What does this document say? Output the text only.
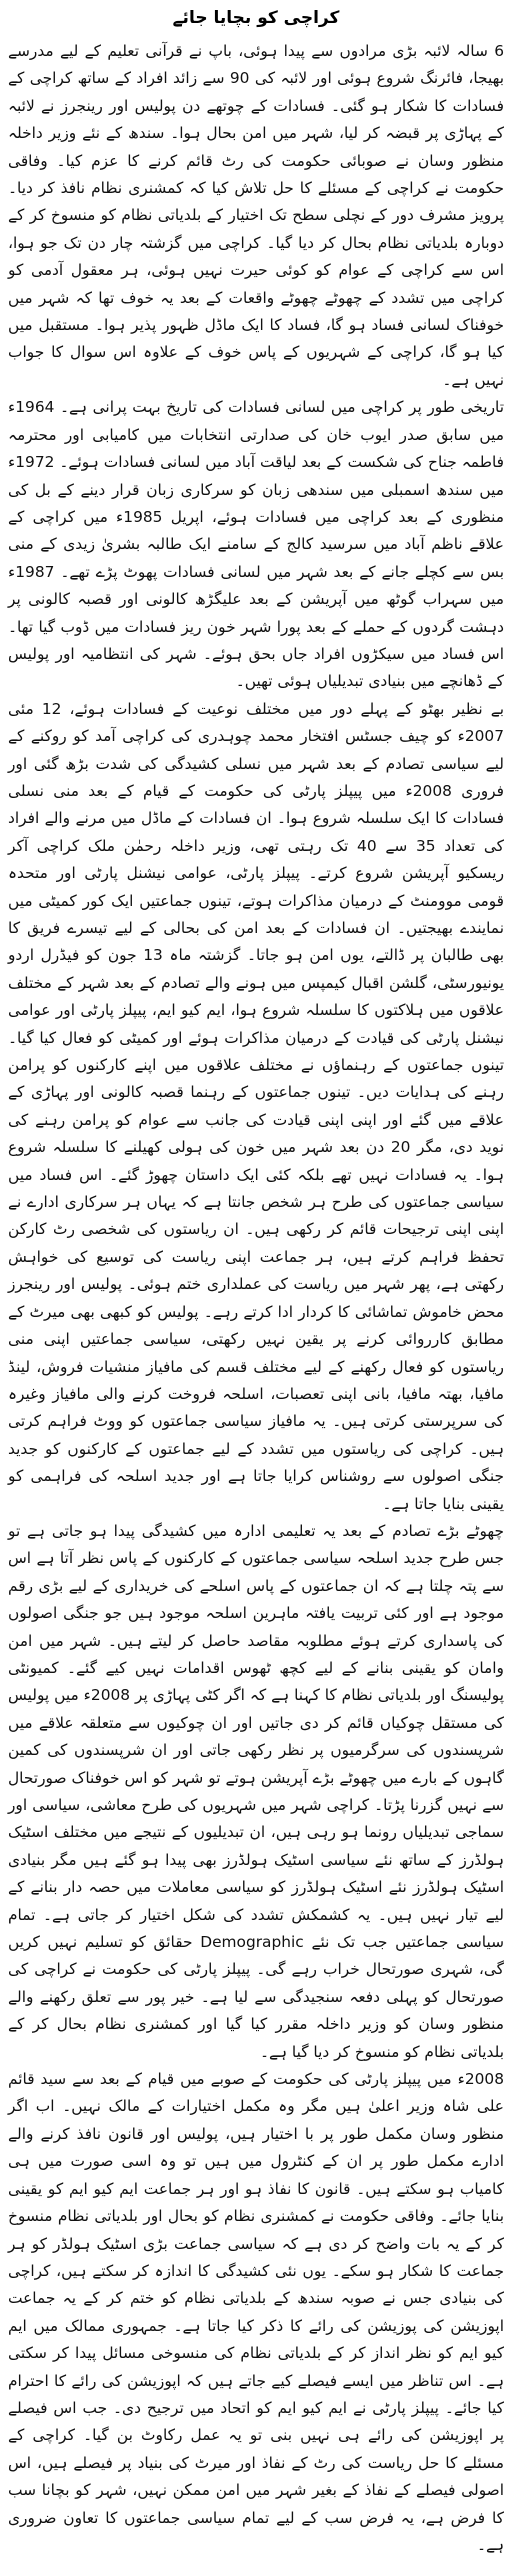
کراچی کو بچایا جائے

6 سالہ لائبہ بڑی مرادوں سے پیدا ہوئی، باپ نے قرآنی تعلیم کے لیے مدرسے بھیجا، فائرنگ شروع ہوئی اور لائبہ کی 90 سے زائد افراد کے ساتھ کراچی کے فسادات کا شکار ہو گئی۔ فسادات کے چوتھے دن پولیس اور رینجرز نے لائبہ کے پہاڑی پر قبضہ کر لیا، شہر میں امن بحال ہوا۔ سندھ کے نئے وزیر داخلہ منظور وسان نے صوبائی حکومت کی رٹ قائم کرنے کا عزم کیا۔ وفاقی حکومت نے کراچی کے مسئلے کا حل تلاش کیا کہ کمشنری نظام نافذ کر دیا۔ پرویز مشرف دور کے نچلی سطح تک اختیار کے بلدیاتی نظام کو منسوخ کر کے دوبارہ بلدیاتی نظام بحال کر دیا گیا۔ کراچی میں گزشتہ چار دن تک جو ہوا، اس سے کراچی کے عوام کو کوئی حیرت نہیں ہوئی، ہر معقول آدمی کو کراچی میں تشدد کے چھوٹے چھوٹے واقعات کے بعد یہ خوف تھا کہ شہر میں خوفناک لسانی فساد ہو گا، فساد کا ایک ماڈل ظہور پذیر ہوا۔ مستقبل میں کیا ہو گا، کراچی کے شہریوں کے پاس خوف کے علاوہ اس سوال کا جواب نہیں ہے۔

تاریخی طور پر کراچی میں لسانی فسادات کی تاریخ بہت پرانی ہے۔ 1964ء میں سابق صدر ایوب خان کی صدارتی انتخابات میں کامیابی اور محترمہ فاطمہ جناح کی شکست کے بعد لیاقت آباد میں لسانی فسادات ہوئے۔ 1972ء میں سندھ اسمبلی میں سندھی زبان کو سرکاری زبان قرار دینے کے بل کی منظوری کے بعد کراچی میں فسادات ہوئے، اپریل 1985ء میں کراچی کے علاقے ناظم آباد میں سرسید کالج کے سامنے ایک طالبہ بشریٰ زیدی کے منی بس سے کچلے جانے کے بعد شہر میں لسانی فسادات پھوٹ پڑے تھے۔ 1987ء میں سہراب گوٹھ میں آپریشن کے بعد علیگڑھ کالونی اور قصبہ کالونی پر دہشت گردوں کے حملے کے بعد پورا شہر خون ریز فسادات میں ڈوب گیا تھا۔ اس فساد میں سیکڑوں افراد جاں بحق ہوئے۔ شہر کی انتظامیہ اور پولیس کے ڈھانچے میں بنیادی تبدیلیاں ہوئی تھیں۔

بے نظیر بھٹو کے پہلے دور میں مختلف نوعیت کے فسادات ہوئے، 12 مئی 2007ء کو چیف جسٹس افتخار محمد چوہدری کی کراچی آمد کو روکنے کے لیے سیاسی تصادم کے بعد شہر میں نسلی کشیدگی کی شدت بڑھ گئی اور فروری 2008ء میں پیپلز پارٹی کی حکومت کے قیام کے بعد منی نسلی فسادات کا ایک سلسلہ شروع ہوا۔ ان فسادات کے ماڈل میں مرنے والے افراد کی تعداد 35 سے 40 تک رہتی تھی، وزیر داخلہ رحمٰن ملک کراچی آکر ریسکیو آپریشن شروع کرتے۔ پیپلز پارٹی، عوامی نیشنل پارٹی اور متحدہ قومی موومنٹ کے درمیان مذاکرات ہوتے، تینوں جماعتیں ایک کور کمیٹی میں نمایندے بھیجتیں۔ ان فسادات کے بعد امن کی بحالی کے لیے تیسرے فریق کا بھی طالبان پر ڈالتے، یوں امن ہو جاتا۔ گزشتہ ماہ 13 جون کو فیڈرل اردو یونیورسٹی، گلشن اقبال کیمپس میں ہونے والے تصادم کے بعد شہر کے مختلف علاقوں میں ہلاکتوں کا سلسلہ شروع ہوا، ایم کیو ایم، پیپلز پارٹی اور عوامی نیشنل پارٹی کی قیادت کے درمیان مذاکرات ہوئے اور کمیٹی کو فعال کیا گیا۔ تینوں جماعتوں کے رہنماؤں نے مختلف علاقوں میں اپنے کارکنوں کو پرامن رہنے کی ہدایات دیں۔ تینوں جماعتوں کے رہنما قصبہ کالونی اور پہاڑی کے علاقے میں گئے اور اپنی اپنی قیادت کی جانب سے عوام کو پرامن رہنے کی نوید دی، مگر 20 دن بعد شہر میں خون کی ہولی کھیلنے کا سلسلہ شروع ہوا۔ یہ فسادات نہیں تھے بلکہ کئی ایک داستان چھوڑ گئے۔ اس فساد میں سیاسی جماعتوں کی طرح ہر شخص جانتا ہے کہ یہاں ہر سرکاری ادارے نے اپنی اپنی ترجیحات قائم کر رکھی ہیں۔ ان ریاستوں کی شخصی رٹ کارکن تحفظ فراہم کرتے ہیں، ہر جماعت اپنی ریاست کی توسیع کی خواہش رکھتی ہے، پھر شہر میں ریاست کی عملداری ختم ہوئی۔ پولیس اور رینجرز محض خاموش تماشائی کا کردار ادا کرتے رہے۔ پولیس کو کبھی بھی میرٹ کے مطابق کارروائی کرنے پر یقین نہیں رکھتی، سیاسی جماعتیں اپنی منی ریاستوں کو فعال رکھنے کے لیے مختلف قسم کی مافیاز منشیات فروش، لینڈ مافیا، بھتہ مافیا، بانی اپنی تعصبات، اسلحہ فروخت کرنے والی مافیاز وغیرہ کی سرپرستی کرتی ہیں۔ یہ مافیاز سیاسی جماعتوں کو ووٹ فراہم کرتی ہیں۔ کراچی کی ریاستوں میں تشدد کے لیے جماعتوں کے کارکنوں کو جدید جنگی اصولوں سے روشناس کرایا جاتا ہے اور جدید اسلحہ کی فراہمی کو یقینی بنایا جاتا ہے۔

چھوٹے بڑے تصادم کے بعد یہ تعلیمی ادارہ میں کشیدگی پیدا ہو جاتی ہے تو جس طرح جدید اسلحہ سیاسی جماعتوں کے کارکنوں کے پاس نظر آتا ہے اس سے پتہ چلتا ہے کہ ان جماعتوں کے پاس اسلحے کی خریداری کے لیے بڑی رقم موجود ہے اور کئی تربیت یافتہ ماہرین اسلحہ موجود ہیں جو جنگی اصولوں کی پاسداری کرتے ہوئے مطلوبہ مقاصد حاصل کر لیتے ہیں۔ شہر میں امن وامان کو یقینی بنانے کے لیے کچھ ٹھوس اقدامات نہیں کیے گئے۔ کمیونٹی پولیسنگ اور بلدیاتی نظام کا کہنا ہے کہ اگر کٹی پہاڑی پر 2008ء میں پولیس کی مستقل چوکیاں قائم کر دی جاتیں اور ان چوکیوں سے متعلقہ علاقے میں شرپسندوں کی سرگرمیوں پر نظر رکھی جاتی اور ان شرپسندوں کی کمین گاہوں کے بارے میں چھوٹے بڑے آپریشن ہوتے تو شہر کو اس خوفناک صورتحال سے نہیں گزرنا پڑتا۔ کراچی شہر میں شہریوں کی طرح معاشی، سیاسی اور سماجی تبدیلیاں رونما ہو رہی ہیں، ان تبدیلیوں کے نتیجے میں مختلف اسٹیک ہولڈرز کے ساتھ نئے سیاسی اسٹیک ہولڈرز بھی پیدا ہو گئے ہیں مگر بنیادی اسٹیک ہولڈرز نئے اسٹیک ہولڈرز کو سیاسی معاملات میں حصہ دار بنانے کے لیے تیار نہیں ہیں۔ یہ کشمکش تشدد کی شکل اختیار کر جاتی ہے۔ تمام سیاسی جماعتیں جب تک نئے Demographic حقائق کو تسلیم نہیں کریں گی، شہری صورتحال خراب رہے گی۔ پیپلز پارٹی کی حکومت نے کراچی کی صورتحال کو پہلی دفعہ سنجیدگی سے لیا ہے۔ خیر پور سے تعلق رکھنے والے منظور وسان کو وزیر داخلہ مقرر کیا گیا اور کمشنری نظام بحال کر کے بلدیاتی نظام کو منسوخ کر دیا گیا ہے۔

2008ء میں پیپلز پارٹی کی حکومت کے صوبے میں قیام کے بعد سے سید قائم علی شاہ وزیر اعلیٰ ہیں مگر وہ مکمل اختیارات کے مالک نہیں۔ اب اگر منظور وسان مکمل طور پر با اختیار ہیں، پولیس اور قانون نافذ کرنے والے ادارے مکمل طور پر ان کے کنٹرول میں ہیں تو وہ اسی صورت میں ہی کامیاب ہو سکتے ہیں۔ قانون کا نفاذ ہو اور ہر جماعت ایم کیو ایم کو یقینی بنایا جائے۔ وفاقی حکومت نے کمشنری نظام کو بحال اور بلدیاتی نظام منسوخ کر کے یہ بات واضح کر دی ہے کہ سیاسی جماعت بڑی اسٹیک ہولڈر کو ہر جماعت کا شکار ہو سکے۔ یوں نئی کشیدگی کا اندازہ کر سکتے ہیں، کراچی کی بنیادی جس نے صوبہ سندھ کے بلدیاتی نظام کو ختم کر کے یہ جماعت اپوزیشن کی پوزیشن کی رائے کا ذکر کیا جاتا ہے۔ جمہوری ممالک میں ایم کیو ایم کو نظر انداز کر کے بلدیاتی نظام کی منسوخی مسائل پیدا کر سکتی ہے۔ اس تناظر میں ایسے فیصلے کیے جاتے ہیں کہ اپوزیشن کی رائے کا احترام کیا جائے۔ پیپلز پارٹی نے ایم کیو ایم کو اتحاد میں ترجیح دی۔ جب اس فیصلے پر اپوزیشن کی رائے ہی نہیں بنی تو یہ عمل رکاوٹ بن گیا۔ کراچی کے مسئلے کا حل ریاست کی رٹ کے نفاذ اور میرٹ کی بنیاد پر فیصلے ہیں، اس اصولی فیصلے کے نفاذ کے بغیر شہر میں امن ممکن نہیں، شہر کو بچانا سب کا فرض ہے، یہ فرض سب کے لیے تمام سیاسی جماعتوں کا تعاون ضروری ہے۔
